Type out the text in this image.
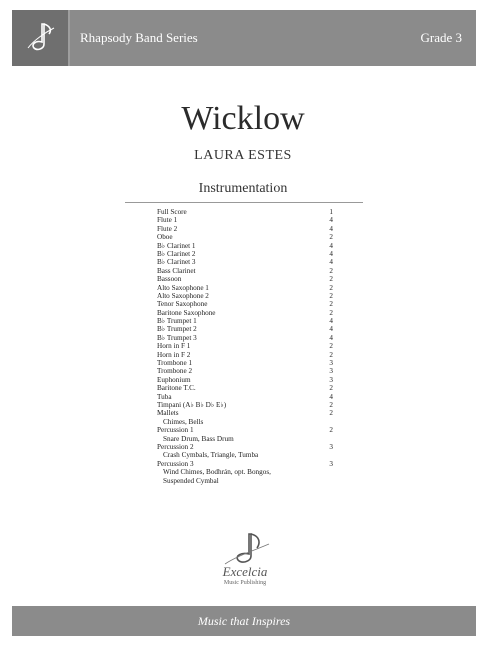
Rhapsody Band Series	Grade 3
Wicklow
LAURA ESTES
Instrumentation
Full Score	1
Flute 1	4
Flute 2	4
Oboe	2
B♭ Clarinet 1	4
B♭ Clarinet 2	4
B♭ Clarinet 3	4
Bass Clarinet	2
Bassoon	2
Alto Saxophone 1	2
Alto Saxophone 2	2
Tenor Saxophone	2
Baritone Saxophone	2
B♭ Trumpet 1	4
B♭ Trumpet 2	4
B♭ Trumpet 3	4
Horn in F 1	2
Horn in F 2	2
Trombone 1	3
Trombone 2	3
Euphonium	3
Baritone T.C.	2
Tuba	4
Timpani (A♭ B♭ D♭ E♭)	2
Mallets	2
Chimes, Bells
Percussion 1	2
Snare Drum, Bass Drum
Percussion 2	3
Crash Cymbals, Triangle, Tumba
Percussion 3	3
Wind Chimes, Bodhrán, opt. Bongos,
Suspended Cymbal
Excelcia
Music Publishing
Music that Inspires
